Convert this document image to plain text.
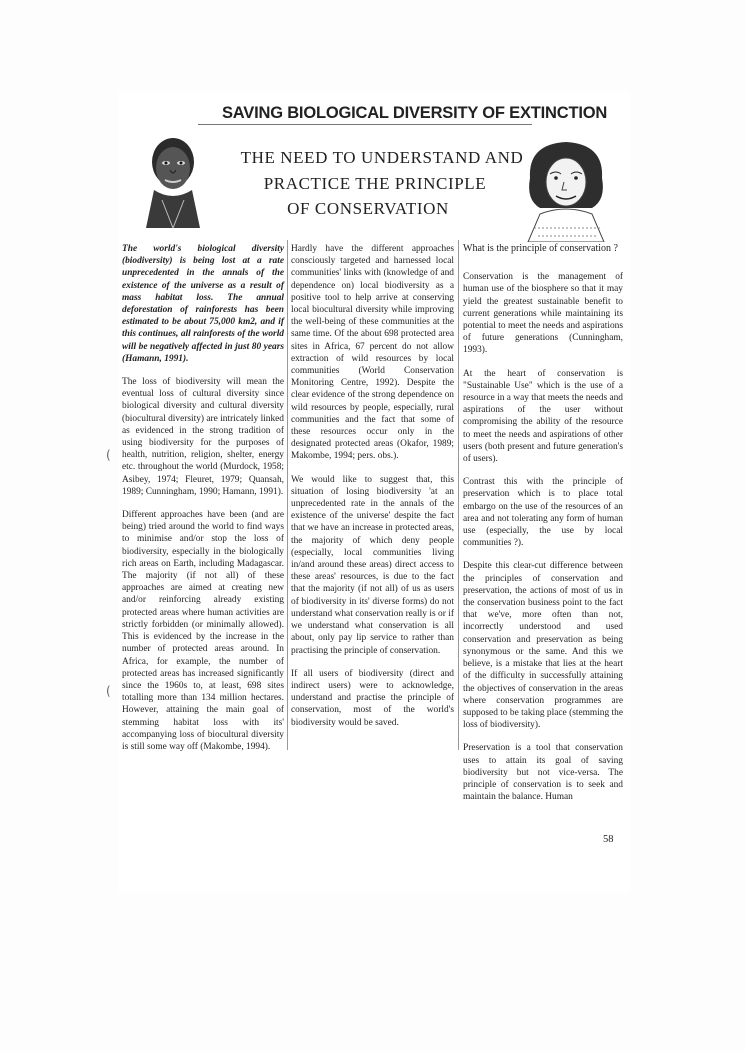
SAVING BIOLOGICAL DIVERSITY OF EXTINCTION
THE NEED TO UNDERSTAND AND
PRACTICE THE PRINCIPLE
OF CONSERVATION

The world's biological diversity (biodiversity) is being lost at a rate unprecedented in the annals of the existence of the universe as a result of mass habitat loss. The annual deforestation of rainforests has been estimated to be about 75,000 km2, and if this continues, all rainforests of the world will be negatively affected in just 80 years (Hamann, 1991).

The loss of biodiversity will mean the eventual loss of cultural diversity since biological diversity and cultural diversity (biocultural diversity) are intricately linked as evidenced in the strong tradition of using biodiversity for the purposes of health, nutrition, religion, shelter, energy etc. throughout the world (Murdock, 1958; Asibey, 1974; Fleuret, 1979; Quansah, 1989; Cunningham, 1990; Hamann, 1991).

Different approaches have been (and are being) tried around the world to find ways to minimise and/or stop the loss of biodiversity, especially in the biologically rich areas on Earth, including Madagascar. The majority (if not all) of these approaches are aimed at creating new and/or reinforcing already existing protected areas where human activities are strictly forbidden (or minimally allowed). This is evidenced by the increase in the number of protected areas around. In Africa, for example, the number of protected areas has increased significantly since the 1960s to, at least, 698 sites totalling more than 134 million hectares. However, attaining the main goal of stemming habitat loss with its' accompanying loss of biocultural diversity is still some way off (Makombe, 1994).

Hardly have the different approaches consciously targeted and harnessed local communities' links with (knowledge of and dependence on) local biodiversity as a positive tool to help arrive at conserving local biocultural diversity while improving the well-being of these communities at the same time. Of the about 698 protected area sites in Africa, 67 percent do not allow extraction of wild resources by local communities (World Conservation Monitoring Centre, 1992). Despite the clear evidence of the strong dependence on wild resources by people, especially, rural communities and the fact that some of these resources occur only in the designated protected areas (Okafor, 1989; Makombe, 1994; pers. obs.).

We would like to suggest that, this situation of losing biodiversity 'at an unprecedented rate in the annals of the existence of the universe' despite the fact that we have an increase in protected areas, the majority of which deny people (especially, local communities living in/and around these areas) direct access to these areas' resources, is due to the fact that the majority (if not all) of us as users of biodiversity in its' diverse forms) do not understand what conservation really is or if we understand what conservation is all about, only pay lip service to rather than practising the principle of conservation.

If all users of biodiversity (direct and indirect users) were to acknowledge, understand and practise the principle of conservation, most of the world's biodiversity would be saved.

What is the principle of conservation ?

Conservation is the management of human use of the biosphere so that it may yield the greatest sustainable benefit to current generations while maintaining its potential to meet the needs and aspirations of future generations (Cunningham, 1993).

At the heart of conservation is "Sustainable Use" which is the use of a resource in a way that meets the needs and aspirations of the user without compromising the ability of the resource to meet the needs and aspirations of other users (both present and future generation's of users).

Contrast this with the principle of preservation which is to place total embargo on the use of the resources of an area and not tolerating any form of human use (especially, the use by local communities ?).

Despite this clear-cut difference between the principles of conservation and preservation, the actions of most of us in the conservation business point to the fact that we've, more often than not, incorrectly understood and used conservation and preservation as being synonymous or the same. And this we believe, is a mistake that lies at the heart of the difficulty in successfully attaining the objectives of conservation in the areas where conservation programmes are supposed to be taking place (stemming the loss of biodiversity).

Preservation is a tool that conservation uses to attain its goal of saving biodiversity but not vice-versa. The principle of conservation is to seek and maintain the balance. Human

(
(
58
